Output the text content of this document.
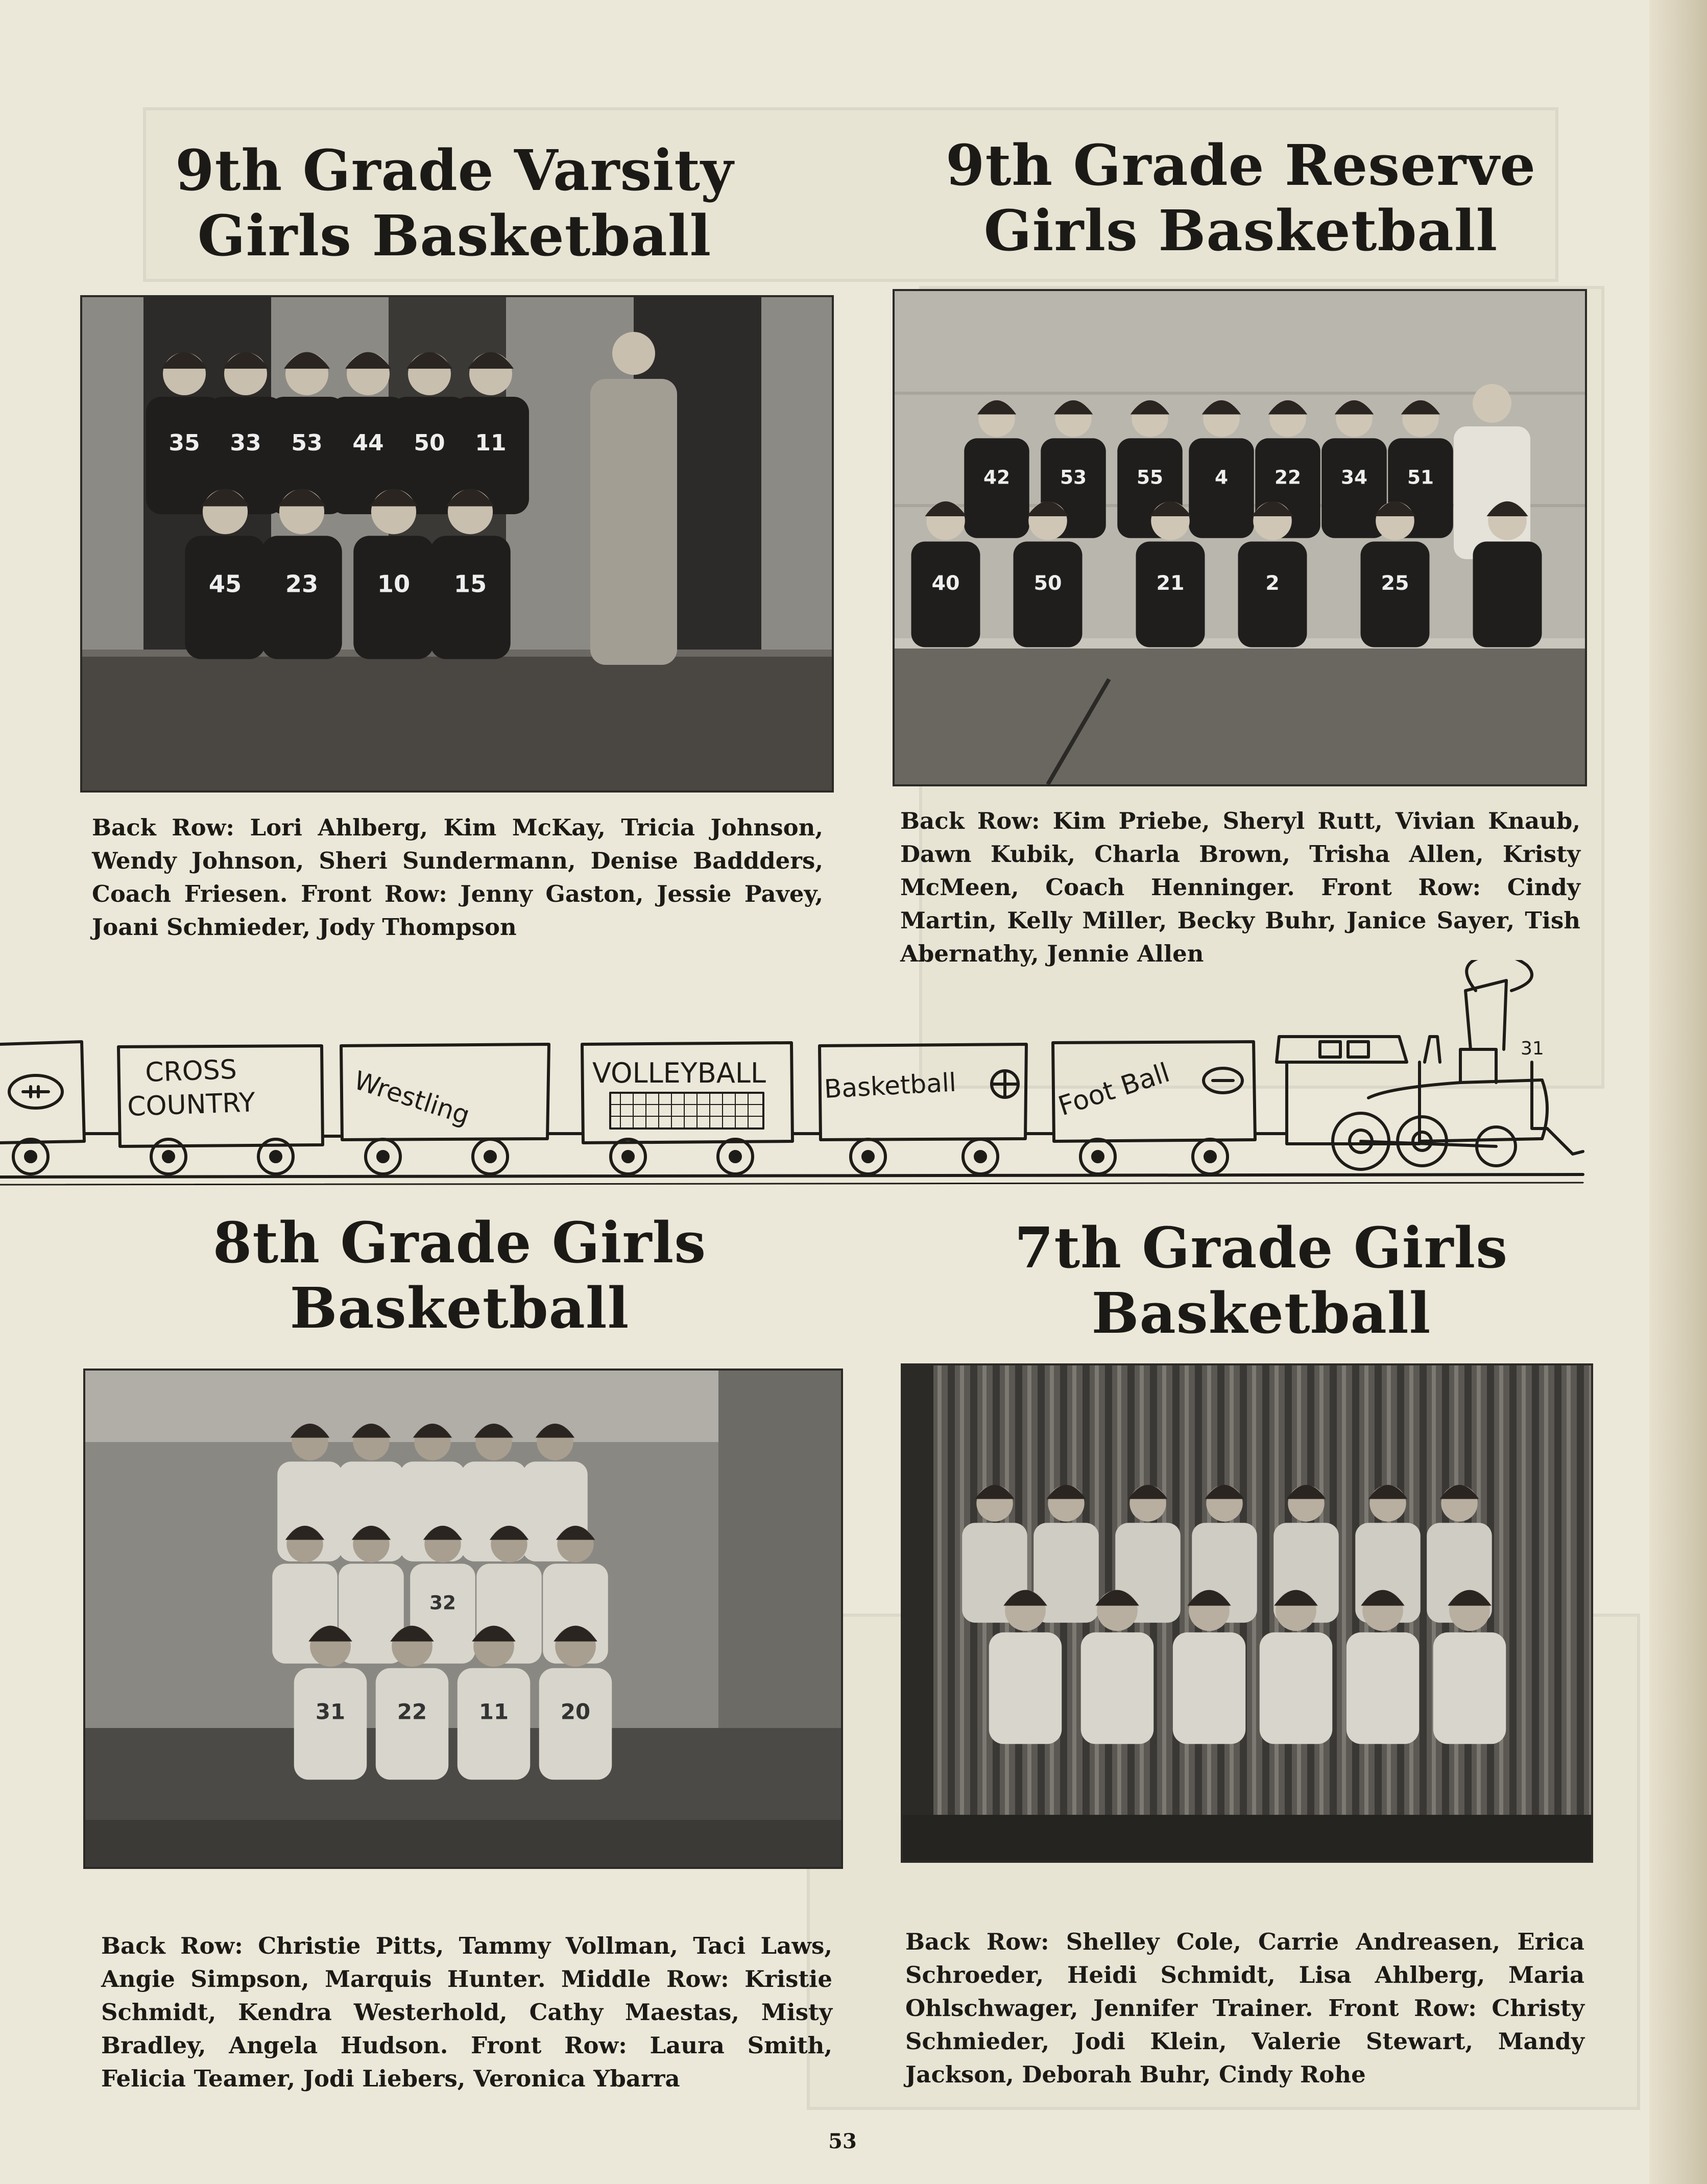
9th Grade Varsity
Girls Basketball
9th Grade Reserve
Girls Basketball
8th Grade Girls
Basketball
7th Grade Girls
Basketball
35 33 53 44 50 11
45 23	10 15
42	53	55	4 22 34 51
40	50	21	2	25
32
31 22 11 20
Back Row: Lori Ahlberg, Kim McKay, Tricia Johnson, Wendy Johnson, Sheri Sundermann, Denise Baddders, Coach Friesen. Front Row: Jenny Gaston, Jessie Pavey, Joani Schmieder, Jody Thompson
Back Row: Kim Priebe, Sheryl Rutt, Vivian Knaub, Dawn Kubik, Charla Brown, Trisha Allen, Kristy McMeen, Coach Henninger. Front Row: Cindy Martin, Kelly Miller, Becky Buhr, Janice Sayer, Tish Abernathy, Jennie Allen
Back Row: Christie Pitts, Tammy Vollman, Taci Laws, Angie Simpson, Marquis Hunter. Middle Row: Kristie Schmidt, Kendra Westerhold, Cathy Maestas, Misty Bradley, Angela Hudson. Front Row: Laura Smith, Felicia Teamer, Jodi Liebers, Veronica Ybarra
Back Row: Shelley Cole, Carrie Andreasen, Erica Schroeder, Heidi Schmidt, Lisa Ahlberg, Maria Ohlschwager, Jennifer Trainer. Front Row: Christy Schmieder, Jodi Klein, Valerie Stewart, Mandy Jackson, Deborah Buhr, Cindy Rohe
CROSS
COUNTRY	Wrestling	VOLLEYBALL Basketball	Foot Ball
31
53
